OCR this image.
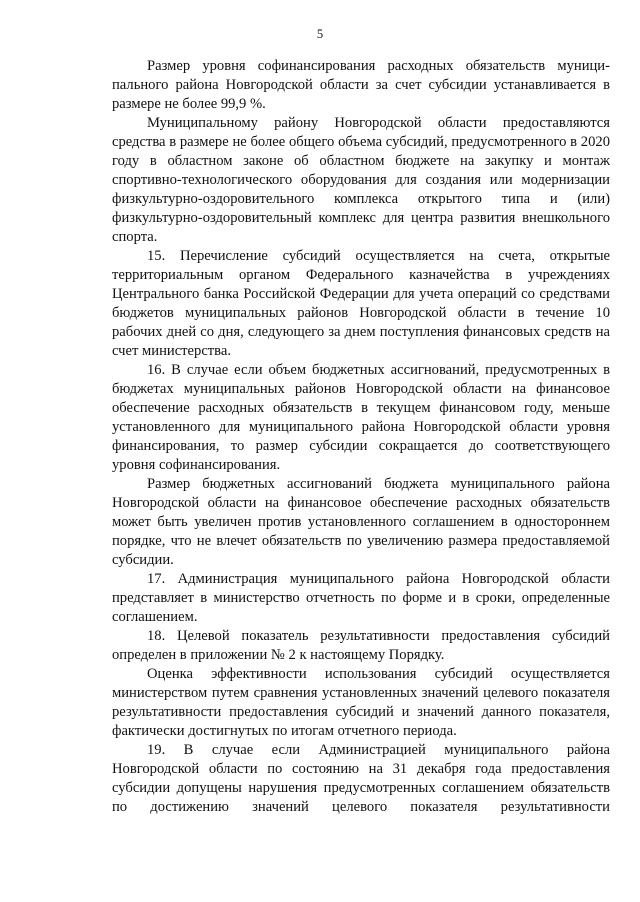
5

Размер уровня софинансирования расходных обязательств муниципального района Новгородской области за счет субсидии устанавливается в размере не более 99,9 %.

Муниципальному району Новгородской области предоставляются средства в размере не более общего объема субсидий, предусмотренного в 2020 году в областном законе об областном бюджете на закупку и монтаж спортивно-технологического оборудования для создания или модернизации физкультурно-оздоровительного комплекса открытого типа и (или) физкультурно-оздоровительный комплекс для центра развития внешкольного спорта.

15. Перечисление субсидий осуществляется на счета, открытые территориальным органом Федерального казначейства в учреждениях Центрального банка Российской Федерации для учета операций со средствами бюджетов муниципальных районов Новгородской области в течение 10 рабочих дней со дня, следующего за днем поступления финансовых средств на счет министерства.

16. В случае если объем бюджетных ассигнований, предусмотренных в бюджетах муниципальных районов Новгородской области на финансовое обеспечение расходных обязательств в текущем финансовом году, меньше установленного для муниципального района Новгородской области уровня финансирования, то размер субсидии сокращается до соответствующего уровня софинансирования.

Размер бюджетных ассигнований бюджета муниципального района Новгородской области на финансовое обеспечение расходных обязательств может быть увеличен против установленного соглашением в одностороннем порядке, что не влечет обязательств по увеличению размера предоставляемой субсидии.

17. Администрация муниципального района Новгородской области представляет в министерство отчетность по форме и в сроки, определенные соглашением.

18. Целевой показатель результативности предоставления субсидий определен в приложении № 2 к настоящему Порядку.

Оценка эффективности использования субсидий осуществляется министерством путем сравнения установленных значений целевого показателя результативности предоставления субсидий и значений данного показателя, фактически достигнутых по итогам отчетного периода.

19. В случае если Администрацией муниципального района Новгородской области по состоянию на 31 декабря года предоставления субсидии допущены нарушения предусмотренных соглашением обязательств по достижению значений целевого показателя результативности
